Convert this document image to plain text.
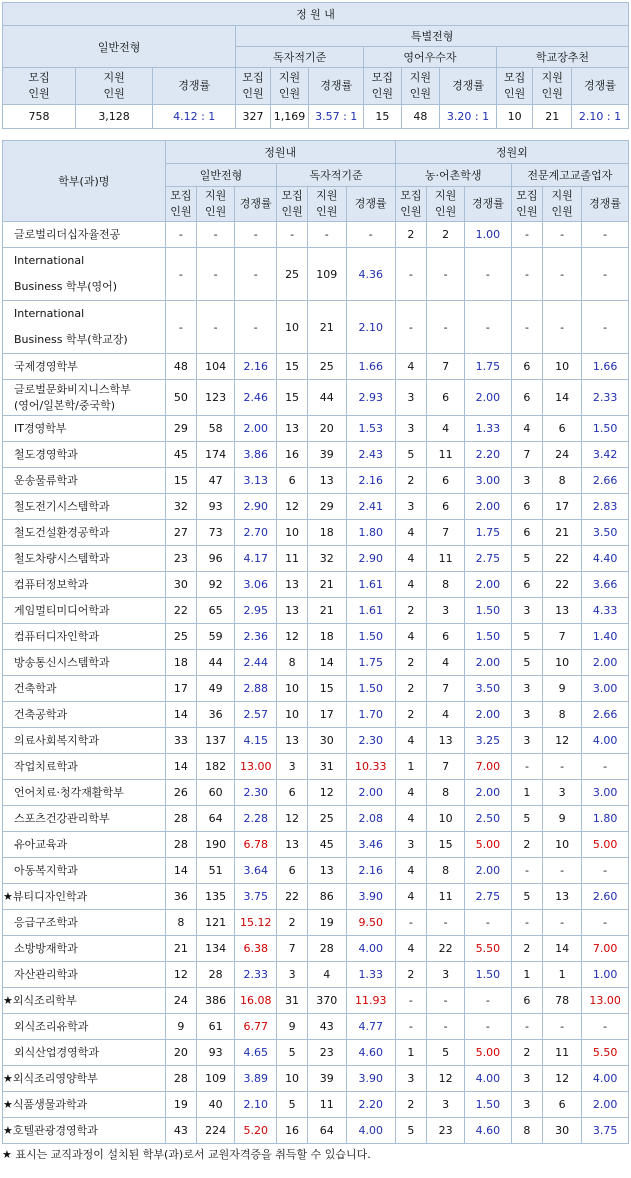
정 원 내											
일반전형			특별전형								
			독자적기준			영어우수자			학교장추천		
모집
인원	지원
인원	경쟁률	모집
인원	지원
인원	경쟁률	모집
인원	지원
인원	경쟁률	모집
인원	지원
인원	경쟁률
758	3,128	4.12 : 1	327	1,169	3.57 : 1	15	48	3.20 : 1	10	21	2.10 : 1
학부(과)명	정원내						정원외					
	일반전형			독자적기준			농·어촌학생			전문계고교졸업자		
	모집
인원	지원
인원	경쟁률	모집
인원	지원
인원	경쟁률	모집
인원	지원
인원	경쟁률	모집
인원	지원
인원	경쟁률
글로벌리더십자율전공	-	-	-	-	-	-	2	2	1.00	-	-	-
International
Business 학부(영어)	-	-	-	25	109	4.36	-	-	-	-	-	-
International
Business 학부(학교장)	-	-	-	10	21	2.10	-	-	-	-	-	-
국제경영학부	48	104	2.16	15	25	1.66	4	7	1.75	6	10	1.66
글로벌문화비지니스학부
(영어/일본학/중국학)	50	123	2.46	15	44	2.93	3	6	2.00	6	14	2.33
IT경영학부	29	58	2.00	13	20	1.53	3	4	1.33	4	6	1.50
철도경영학과	45	174	3.86	16	39	2.43	5	11	2.20	7	24	3.42
운송물류학과	15	47	3.13	6	13	2.16	2	6	3.00	3	8	2.66
철도전기시스템학과	32	93	2.90	12	29	2.41	3	6	2.00	6	17	2.83
철도건설환경공학과	27	73	2.70	10	18	1.80	4	7	1.75	6	21	3.50
철도차량시스템학과	23	96	4.17	11	32	2.90	4	11	2.75	5	22	4.40
컴퓨터정보학과	30	92	3.06	13	21	1.61	4	8	2.00	6	22	3.66
게임멀티미디어학과	22	65	2.95	13	21	1.61	2	3	1.50	3	13	4.33
컴퓨터디자인학과	25	59	2.36	12	18	1.50	4	6	1.50	5	7	1.40
방송통신시스템학과	18	44	2.44	8	14	1.75	2	4	2.00	5	10	2.00
건축학과	17	49	2.88	10	15	1.50	2	7	3.50	3	9	3.00
건축공학과	14	36	2.57	10	17	1.70	2	4	2.00	3	8	2.66
의료사회복지학과	33	137	4.15	13	30	2.30	4	13	3.25	3	12	4.00
작업치료학과	14	182	13.00	3	31	10.33	1	7	7.00	-	-	-
언어치료·청각재활학부	26	60	2.30	6	12	2.00	4	8	2.00	1	3	3.00
스포츠건강관리학부	28	64	2.28	12	25	2.08	4	10	2.50	5	9	1.80
유아교육과	28	190	6.78	13	45	3.46	3	15	5.00	2	10	5.00
아동복지학과	14	51	3.64	6	13	2.16	4	8	2.00	-	-	-
★뷰티디자인학과	36	135	3.75	22	86	3.90	4	11	2.75	5	13	2.60
응급구조학과	8	121	15.12	2	19	9.50	-	-	-	-	-	-
소방방재학과	21	134	6.38	7	28	4.00	4	22	5.50	2	14	7.00
자산관리학과	12	28	2.33	3	4	1.33	2	3	1.50	1	1	1.00
★외식조리학부	24	386	16.08	31	370	11.93	-	-	-	6	78	13.00
외식조리유학과	9	61	6.77	9	43	4.77	-	-	-	-	-	-
외식산업경영학과	20	93	4.65	5	23	4.60	1	5	5.00	2	11	5.50
★외식조리영양학부	28	109	3.89	10	39	3.90	3	12	4.00	3	12	4.00
★식품생물과학과	19	40	2.10	5	11	2.20	2	3	1.50	3	6	2.00
★호텔관광경영학과	43	224	5.20	16	64	4.00	5	23	4.60	8	30	3.75
★ 표시는 교직과정이 설치된 학부(과)로서 교원자격증을 취득할 수 있습니다.
